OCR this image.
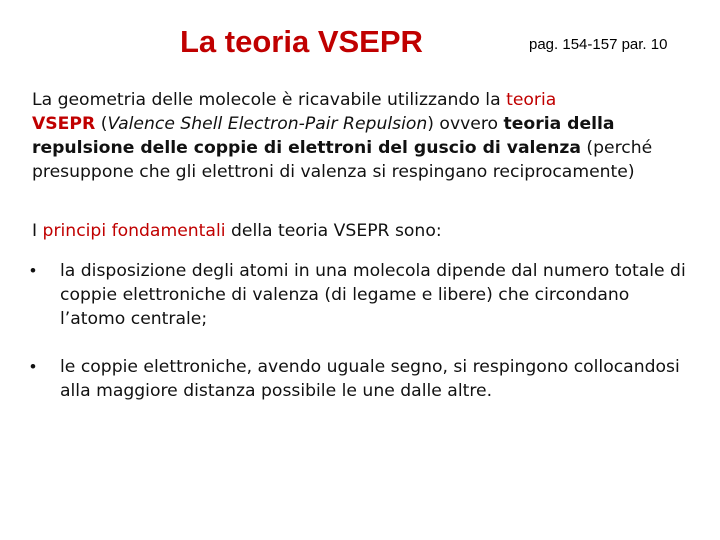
La teoria VSEPR	pag. 154-157 par. 10

La geometria delle molecole è ricavabile utilizzando la teoria
VSEPR (Valence Shell Electron-Pair Repulsion) ovvero teoria della repulsione delle coppie di elettroni del guscio di valenza (perché presuppone che gli elettroni di valenza si respingano reciprocamente)

I principi fondamentali della teoria VSEPR sono:

•	la disposizione degli atomi in una molecola dipende dal numero totale di coppie elettroniche di valenza (di legame e libere) che circondano l’atomo centrale;
•	le coppie elettroniche, avendo uguale segno, si respingono collocandosi alla maggiore distanza possibile le une dalle altre.
